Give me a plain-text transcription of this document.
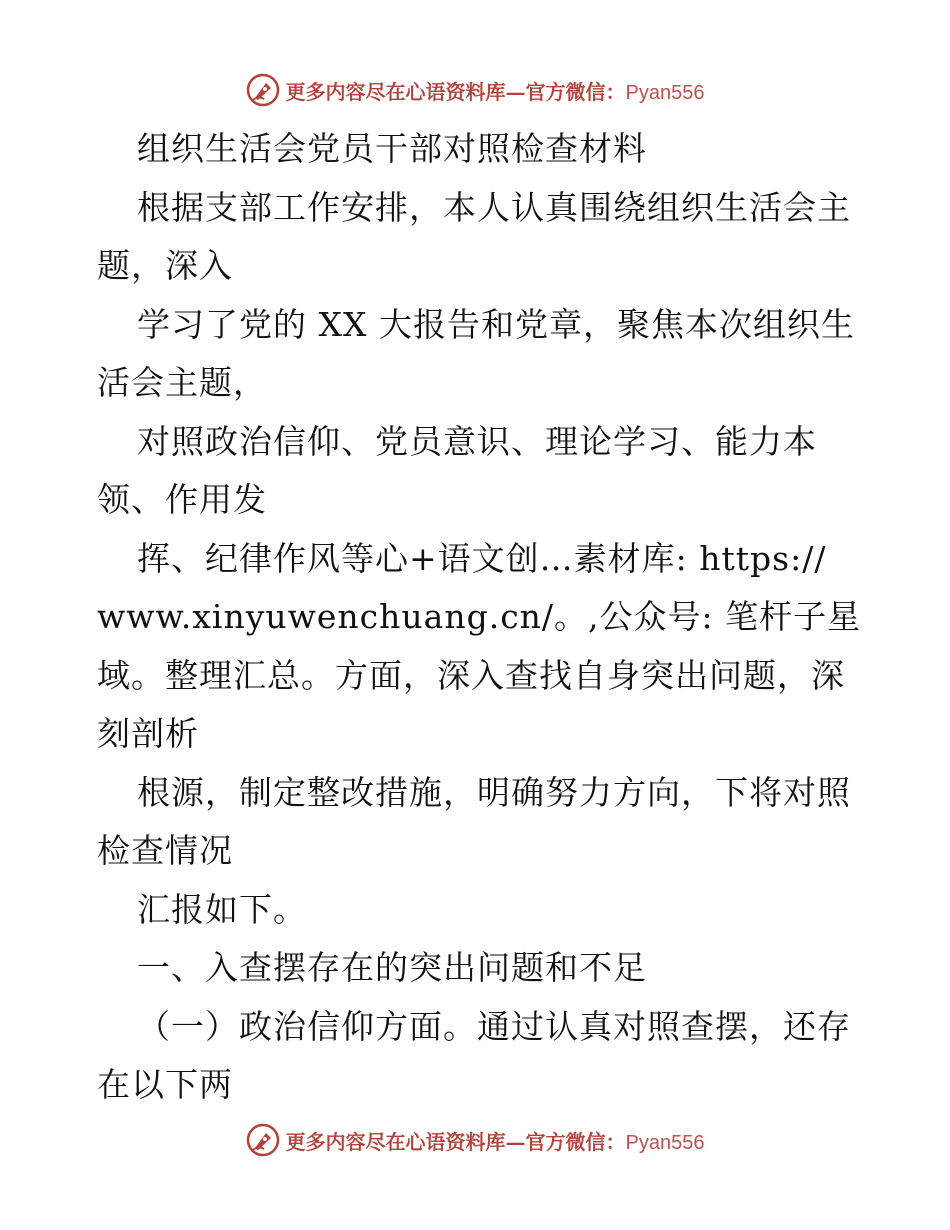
更多内容尽在心语资料库—官方微信：Pyan556
组织生活会党员干部对照检查材料
根据支部工作安排，本人认真围绕组织生活会主
题，深入
学习了党的 XX 大报告和党章，聚焦本次组织生
活会主题，
对照政治信仰、党员意识、理论学习、能力本
领、作用发
挥、纪律作风等心+语文创…素材库: https://
www.xinyuwenchuang.cn/。,公众号: 笔杆子星
域。整理汇总。方面，深入查找自身突出问题，深
刻剖析
根源，制定整改措施，明确努力方向，下将对照
检查情况
汇报如下。
一、入查摆存在的突出问题和不足
（一）政治信仰方面。通过认真对照查摆，还存
在以下两
更多内容尽在心语资料库—官方微信：Pyan556
